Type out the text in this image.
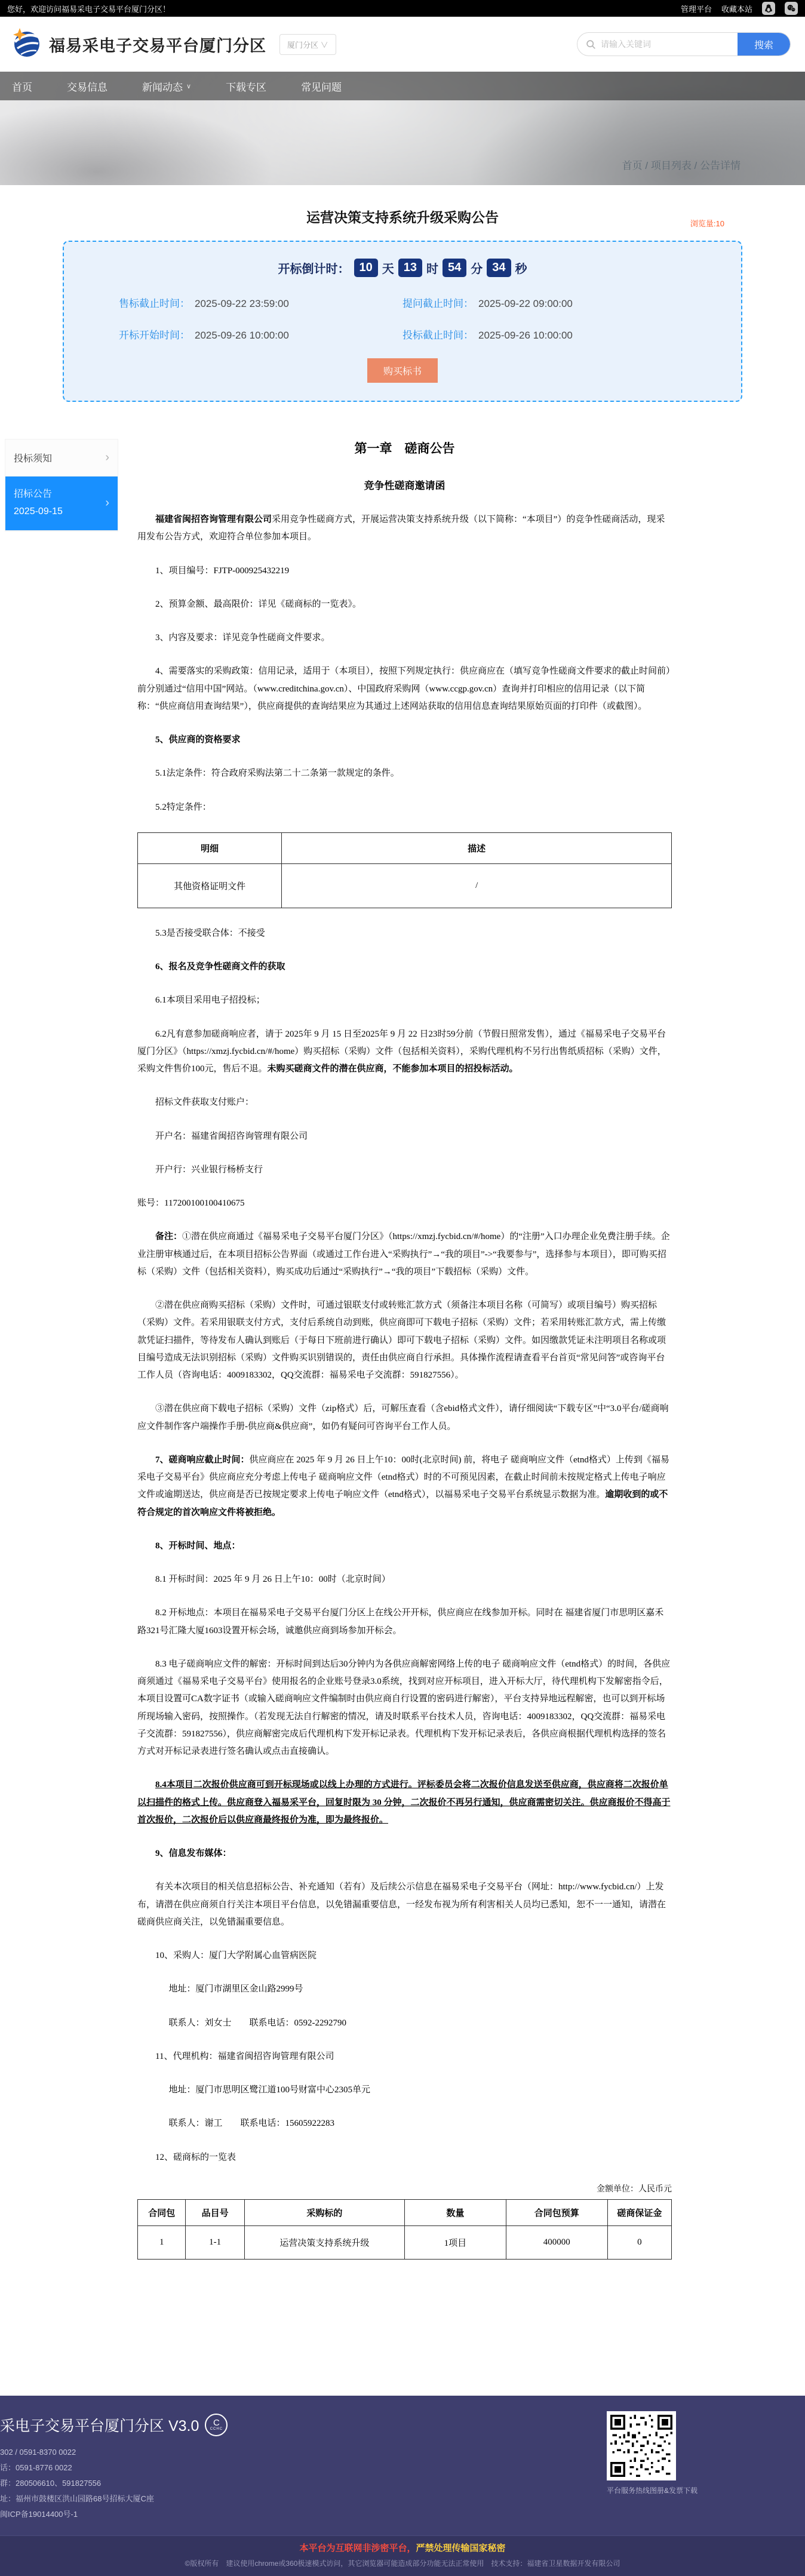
您好，欢迎访问福易采电子交易平台厦门分区！	管理平台 收藏本站
福易采电子交易平台厦门分区	厦门分区 ∨
请输入关键词	搜索
首页	交易信息	新闻动态 ∨	下载专区	常见问题
首页 / 项目列表 / 公告详情
运营决策支持系统升级采购公告	浏览量:10
开标倒计时： 10 天 13 时 54 分 34 秒
售标截止时间： 2025-09-22 23:59:00	提问截止时间： 2025-09-22 09:00:00
开标开始时间： 2025-09-26 10:00:00	投标截止时间： 2025-09-26 10:00:00
购买标书
投标须知	›
招标公告
2025-09-15
›
第一章　磋商公告
竞争性磋商邀请函

福建省闽招咨询管理有限公司采用竞争性磋商方式，开展运营决策支持系统升级（以下简称：“本项目”）的竞争性磋商活动，现采用发布公告方式，欢迎符合单位参加本项目。

1、项目编号：FJTP-000925432219

2、预算金额、最高限价：详见《磋商标的一览表》。

3、内容及要求：详见竞争性磋商文件要求。

4、需要落实的采购政策：信用记录，适用于（本项目），按照下列规定执行：供应商应在（填写竞争性磋商文件要求的截止时间前）前分别通过“信用中国”网站。（www.creditchina.gov.cn）、中国政府采购网（www.ccgp.gov.cn）查询并打印相应的信用记录（以下简称：“供应商信用查询结果”），供应商提供的查询结果应为其通过上述网站获取的信用信息查询结果原始页面的打印件（或截图）。

5、供应商的资格要求

5.1法定条件：符合政府采购法第二十二条第一款规定的条件。

5.2特定条件：

明细	描述
其他资格证明文件	/

5.3是否接受联合体：不接受

6、报名及竞争性磋商文件的获取

6.1本项目采用电子招投标；

6.2凡有意参加磋商响应者，请于 2025年 9 月 15 日至2025年 9 月 22 日23时59分前（节假日照常发售），通过《福易采电子交易平台厦门分区》（https://xmzj.fycbid.cn/#/home）购买招标（采购）文件（包括相关资料），采购代理机构不另行出售纸质招标（采购）文件，采购文件售价100元，售后不退。未购买磋商文件的潜在供应商，不能参加本项目的招投标活动。

招标文件获取支付账户：

开户名：福建省闽招咨询管理有限公司

开户行：兴业银行杨桥支行

账号：117200100100410675

备注：①潜在供应商通过《福易采电子交易平台厦门分区》（https://xmzj.fycbid.cn/#/home）的“注册”入口办理企业免费注册手续。企业注册审核通过后，在本项目招标公告界面（或通过工作台进入“采购执行”→“我的项目”->“我要参与”，选择参与本项目），即可购买招标（采购）文件（包括相关资料），购买成功后通过“采购执行”→“我的项目”下载招标（采购）文件。

②潜在供应商购买招标（采购）文件时，可通过银联支付或转账汇款方式（须备注本项目名称（可简写）或项目编号）购买招标（采购）文件。若采用银联支付方式，支付后系统自动到账，供应商即可下载电子招标（采购）文件；若采用转账汇款方式，需上传缴款凭证扫描件，等待发布人确认到账后（于每日下班前进行确认）即可下载电子招标（采购）文件。如因缴款凭证未注明项目名称或项目编号造成无法识别招标（采购）文件购买识别错误的，责任由供应商自行承担。具体操作流程请查看平台首页“常见问答”或咨询平台工作人员（咨询电话：4009183302，QQ交流群：福易采电子交流群：591827556）。

③潜在供应商下载电子招标（采购）文件（zip格式）后，可解压查看（含ebid格式文件），请仔细阅读“下载专区”中“3.0平台/磋商响应文件制作客户端操作手册-供应商&供应商”，如仍有疑问可咨询平台工作人员。

7、磋商响应截止时间：供应商应在 2025 年 9 月 26 日上午10：00时(北京时间) 前，将电子 磋商响应文件（etnd格式）上传到《福易采电子交易平台》供应商应充分考虑上传电子 磋商响应文件（etnd格式）时的不可预见因素，在截止时间前未按规定格式上传电子响应文件或逾期送达，供应商是否已按规定要求上传电子响应文件（etnd格式），以福易采电子交易平台系统显示数据为准。逾期收到的或不符合规定的首次响应文件将被拒绝。

8、开标时间、地点：

8.1 开标时间：2025 年 9 月 26 日上午10：00时（北京时间）

8.2 开标地点：本项目在福易采电子交易平台厦门分区上在线公开开标，供应商应在线参加开标。同时在 福建省厦门市思明区嘉禾路321号汇隆大厦1603设置开标会场，诚邀供应商到场参加开标会。

8.3 电子磋商响应文件的解密：开标时间到达后30分钟内为各供应商解密网络上传的电子 磋商响应文件（etnd格式）的时间，各供应商须通过《福易采电子交易平台》使用报名的企业账号登录3.0系统，找到对应开标项目，进入开标大厅，待代理机构下发解密指令后，本项目设置可CA数字证书（或输入磋商响应文件编制时由供应商自行设置的密码进行解密），平台支持异地远程解密，也可以到开标场所现场输入密码，按照操作。（若发现无法自行解密的情况，请及时联系平台技术人员，咨询电话：4009183302，QQ交流群：福易采电子交流群：591827556），供应商解密完成后代理机构下发开标记录表。代理机构下发开标记录表后，各供应商根据代理机构选择的签名方式对开标记录表进行签名确认或点击直接确认。

8.4本项目二次报价供应商可到开标现场或以线上办理的方式进行。评标委员会将二次报价信息发送至供应商，供应商将二次报价单以扫描件的格式上传。供应商登入福易采平台，回复时限为 30 分钟，二次报价不再另行通知，供应商需密切关注。供应商报价不得高于首次报价，二次报价后以供应商最终报价为准，即为最终报价。

9、信息发布媒体：

有关本次项目的相关信息招标公告、补充通知（若有）及后续公示信息在福易采电子交易平台（网址：http://www.fycbid.cn/）上发布，请潜在供应商须自行关注本项目平台信息，以免错漏重要信息，一经发布视为所有利害相关人员均已悉知，恕不一一通知，请潜在磋商供应商关注，以免错漏重要信息。

10、采购人：厦门大学附属心血管病医院

地址：厦门市湖里区金山路2999号

联系人：刘女士　　联系电话：0592-2292790

11、代理机构：福建省闽招咨询管理有限公司

地址：厦门市思明区鹭江道100号财富中心2305单元

联系人：谢工　　联系电话：15605922283

12、磋商标的一览表

金额单位：人民币元

合同包	品目号	采购标的	数量	合同包预算	磋商保证金
1	1-1	运营决策支持系统升级	1项目	400000	0
采电子交易平台厦门分区 V3.0 C
CCHC
302 / 0591-8370 0022
话：0591-8776 0022
群：280506610、591827556
址：福州市鼓楼区洪山园路68号招标大厦C座
闽ICP备19014400号-1
平台服务热线图册&发票下载
本平台为互联网非涉密平台，严禁处理传输国家秘密
©版权所有　建议使用chrome或360极速模式访问，其它浏览器可能造成部分功能无法正常使用　技术支持：福建省卫星数据开发有限公司
